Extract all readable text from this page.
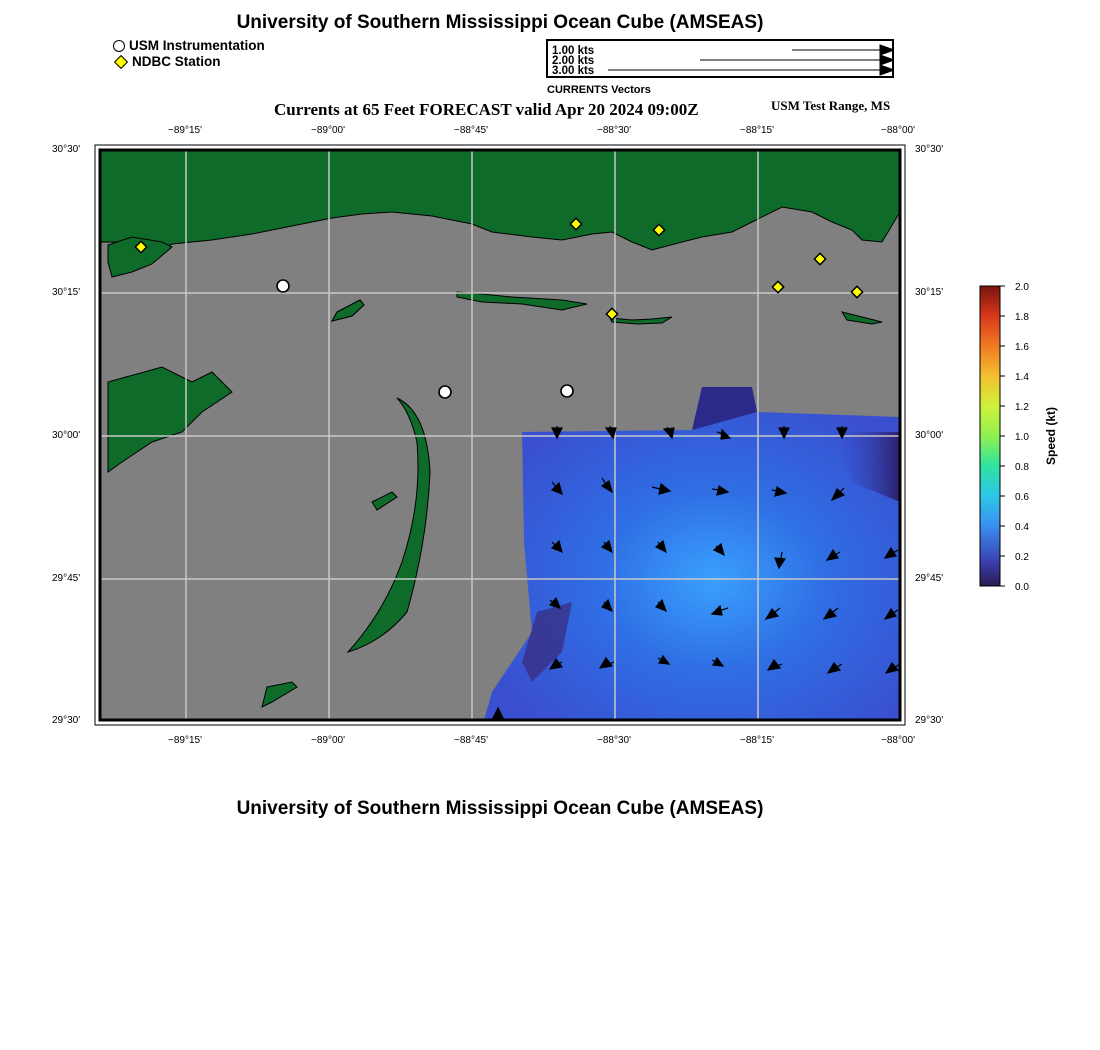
University of Southern Mississippi Ocean Cube (AMSEAS)
USM Instrumentation
NDBC Station
1.00 kts
2.00 kts
3.00 kts
CURRENTS Vectors
Currents at 65 Feet FORECAST valid Apr 20 2024 09:00Z	USM Test Range, MS
−89°15'	−89°00'	−88°45'	−88°30'	−88°15'	−88°00'
−89°15'	−89°00'	−88°45'	−88°30'	−88°15'	−88°00'
30°30'
30°15'
30°00'
29°45'
29°30'
30°30'
30°15'
30°00'
29°45'
29°30'
2.0
1.8
1.6
1.4
1.2
1.0
0.8
0.6
0.4
0.2
0.0
Speed (kt)
University of Southern Mississippi Ocean Cube (AMSEAS)
